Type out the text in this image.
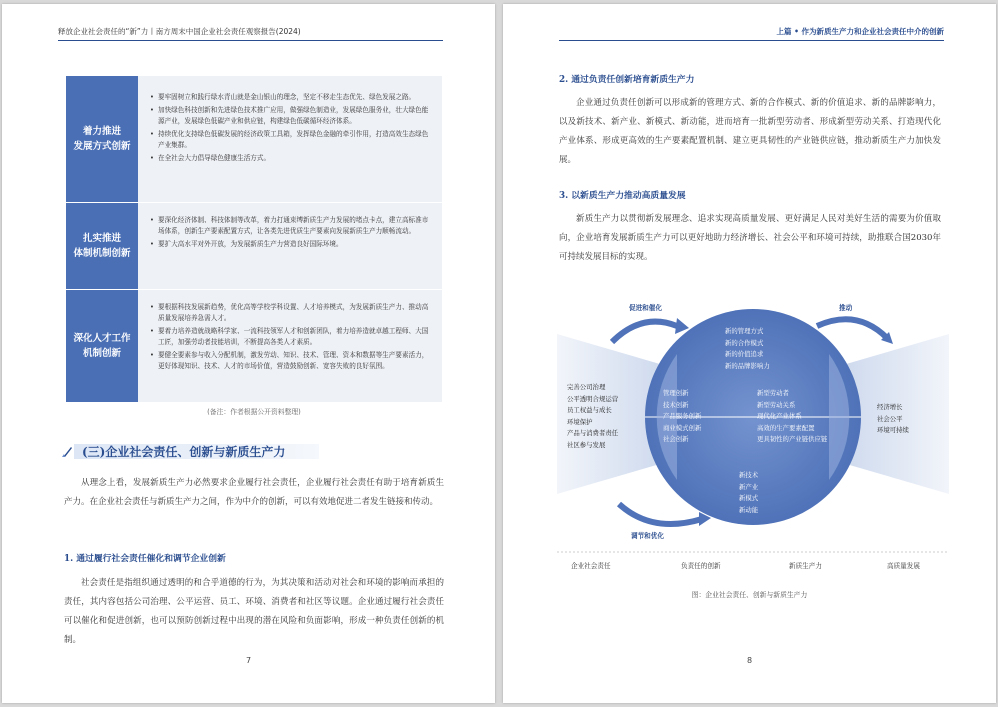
释放企业社会责任的“新”力丨南方周末中国企业社会责任观察报告(2024)
着力推进
发展方式创新
• 要牢固树立和践行绿水青山就是金山银山的理念，坚定不移走生态优先、绿色发展之路。
• 加快绿色科技创新和先进绿色技术推广应用，做强绿色制造业，发展绿色服务业，壮大绿色能源产业，发展绿色低碳产业和供应链，构建绿色低碳循环经济体系。
• 持续优化支持绿色低碳发展的经济政策工具箱，发挥绿色金融的牵引作用，打造高效生态绿色产业集群。
• 在全社会大力倡导绿色健康生活方式。
扎实推进
体制机制创新
• 要深化经济体制、科技体制等改革，着力打通束缚新质生产力发展的堵点卡点，建立高标准市场体系，创新生产要素配置方式，让各类先进优质生产要素向发展新质生产力顺畅流动。
• 要扩大高水平对外开放，为发展新质生产力营造良好国际环境。
深化人才工作
机制创新
• 要根据科技发展新趋势，优化高等学校学科设置、人才培养模式，为发展新质生产力、推动高质量发展培养急需人才。
• 要着力培养造就战略科学家、一流科技领军人才和创新团队，着力培养造就卓越工程师、大国工匠，加强劳动者技能培训，不断提高各类人才素质。
• 要健全要素参与收入分配机制，激发劳动、知识、技术、管理、资本和数据等生产要素活力，更好体现知识、技术、人才的市场价值，营造鼓励创新、宽容失败的良好氛围。
(备注：作者根据公开资料整理)
(三)企业社会责任、创新与新质生产力
从理念上看，发展新质生产力必然要求企业履行社会责任，企业履行社会责任有助于培育新质生产力。在企业社会责任与新质生产力之间，作为中介的创新，可以有效地促进二者发生链接和传动。
1. 通过履行社会责任催化和调节企业创新
社会责任是指组织通过透明的和合乎道德的行为，为其决策和活动对社会和环境的影响而承担的责任，其内容包括公司治理、公平运营、员工、环境、消费者和社区等议题。企业通过履行社会责任可以催化和促进创新，也可以预防创新过程中出现的潜在风险和负面影响，形成一种负责任创新的机制。
7
上篇 • 作为新质生产力和企业社会责任中介的创新
2. 通过负责任创新培育新质生产力
企业通过负责任创新可以形成新的管理方式、新的合作模式、新的价值追求、新的品牌影响力，以及新技术、新产业、新模式、新动能，进而培育一批新型劳动者、形成新型劳动关系、打造现代化产业体系、形成更高效的生产要素配置机制、建立更具韧性的产业链供应链，推动新质生产力加快发展。
3. 以新质生产力推动高质量发展
新质生产力以贯彻新发展理念、追求实现高质量发展、更好满足人民对美好生活的需要为价值取向，企业培育发展新质生产力可以更好地助力经济增长、社会公平和环境可持续，助推联合国2030年可持续发展目标的实现。
促进和催化	推动
调节和优化
完善公司治理
公平透明合规运营
员工权益与成长
环境保护
产品与消费者责任
社区参与发展
新的管理方式
新的合作模式
新的价值追求
新的品牌影响力
管理创新
技术创新
产品服务创新
商业模式创新
社会创新
新型劳动者
新型劳动关系
现代化产业体系
高效的生产要素配置
更具韧性的产业链供应链
新技术
新产业
新模式
新动能
经济增长
社会公平
环境可持续
企业社会责任	负责任的创新	新质生产力	高质量发展
图：企业社会责任、创新与新质生产力
8
